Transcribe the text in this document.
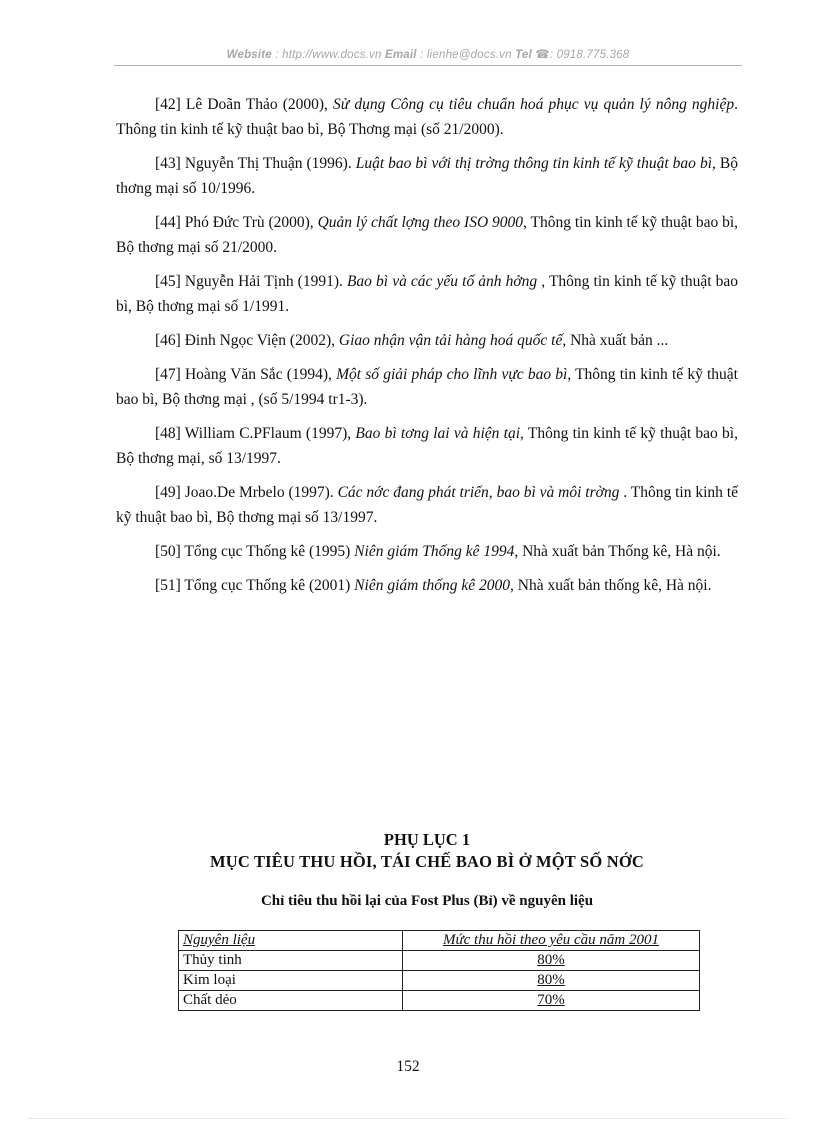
Website : http://www.docs.vn Email : lienhe@docs.vn Tel ☎: 0918.775.368

[42] Lê Doãn Thảo (2000), Sử dụng Công cụ tiêu chuẩn hoá phục vụ quản lý nông nghiệp. Thông tin kinh tế kỹ thuật bao bì, Bộ Thơng mại (số 21/2000).

[43] Nguyễn Thị Thuận (1996). Luật bao bì với thị trờng thông tin kinh tế kỹ thuật bao bì, Bộ thơng mại số 10/1996.

[44] Phó Đức Trù (2000), Quản lý chất lợng theo ISO 9000, Thông tin kinh tế kỹ thuật bao bì, Bộ thơng mại số 21/2000.

[45] Nguyễn Hải Tịnh (1991). Bao bì và các yếu tố ảnh hởng , Thông tin kinh tế kỹ thuật bao bì, Bộ thơng mại số 1/1991.

[46] Đinh Ngọc Viện (2002), Giao nhận vận tải hàng hoá quốc tế, Nhà xuất bản ...

[47] Hoàng Văn Sắc (1994), Một số giải pháp cho lĩnh vực bao bì, Thông tin kinh tế kỹ thuật bao bì, Bộ thơng mại , (số 5/1994 tr1-3).

[48] William C.PFlaum (1997), Bao bì tơng lai và hiện tại, Thông tin kinh tế kỹ thuật bao bì, Bộ thơng mại, số 13/1997.

[49] Joao.De Mrbelo (1997). Các nớc đang phát triển, bao bì và môi trờng . Thông tin kinh tế kỹ thuật bao bì, Bộ thơng mại số 13/1997.

[50] Tổng cục Thống kê (1995) Niên giám Thống kê 1994, Nhà xuất bản Thống kê, Hà nội.

[51] Tổng cục Thống kê (2001) Niên giám thống kê 2000, Nhà xuất bản thống kê, Hà nội.

PHỤ LỤC 1
MỤC TIÊU THU HỒI, TÁI CHẾ BAO BÌ Ở MỘT SỐ NỚC
Chỉ tiêu thu hồi lại của Fost Plus (Bỉ) về nguyên liệu
Nguyên liệu	Mức thu hồi theo yêu cầu năm 2001
Thủy tinh	80%
Kim loại	80%
Chất dẻo	70%
152
